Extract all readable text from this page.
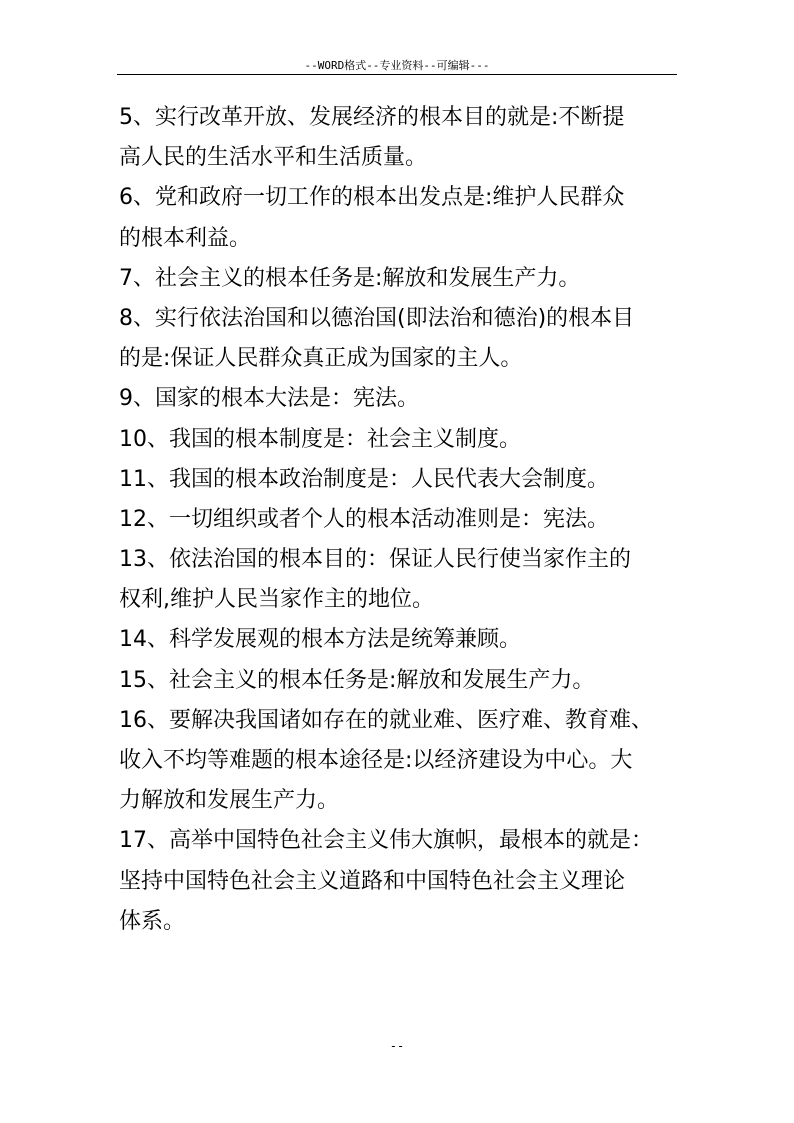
--WORD格式--专业资料--可编辑---
5、实行改革开放、发展经济的根本目的就是:不断提
高人民的生活水平和生活质量。
6、党和政府一切工作的根本出发点是:维护人民群众
的根本利益。
7、社会主义的根本任务是:解放和发展生产力。
8、实行依法治国和以德治国(即法治和德治)的根本目
的是:保证人民群众真正成为国家的主人。
9、国家的根本大法是：宪法。
10、我国的根本制度是：社会主义制度。
11、我国的根本政治制度是：人民代表大会制度。
12、一切组织或者个人的根本活动准则是：宪法。
13、依法治国的根本目的：保证人民行使当家作主的
权利,维护人民当家作主的地位。
14、科学发展观的根本方法是统筹兼顾。
15、社会主义的根本任务是:解放和发展生产力。
16、要解决我国诸如存在的就业难、医疗难、教育难、
收入不均等难题的根本途径是:以经济建设为中心。大
力解放和发展生产力。
17、高举中国特色社会主义伟大旗帜，最根本的就是：
坚持中国特色社会主义道路和中国特色社会主义理论
体系。
--
